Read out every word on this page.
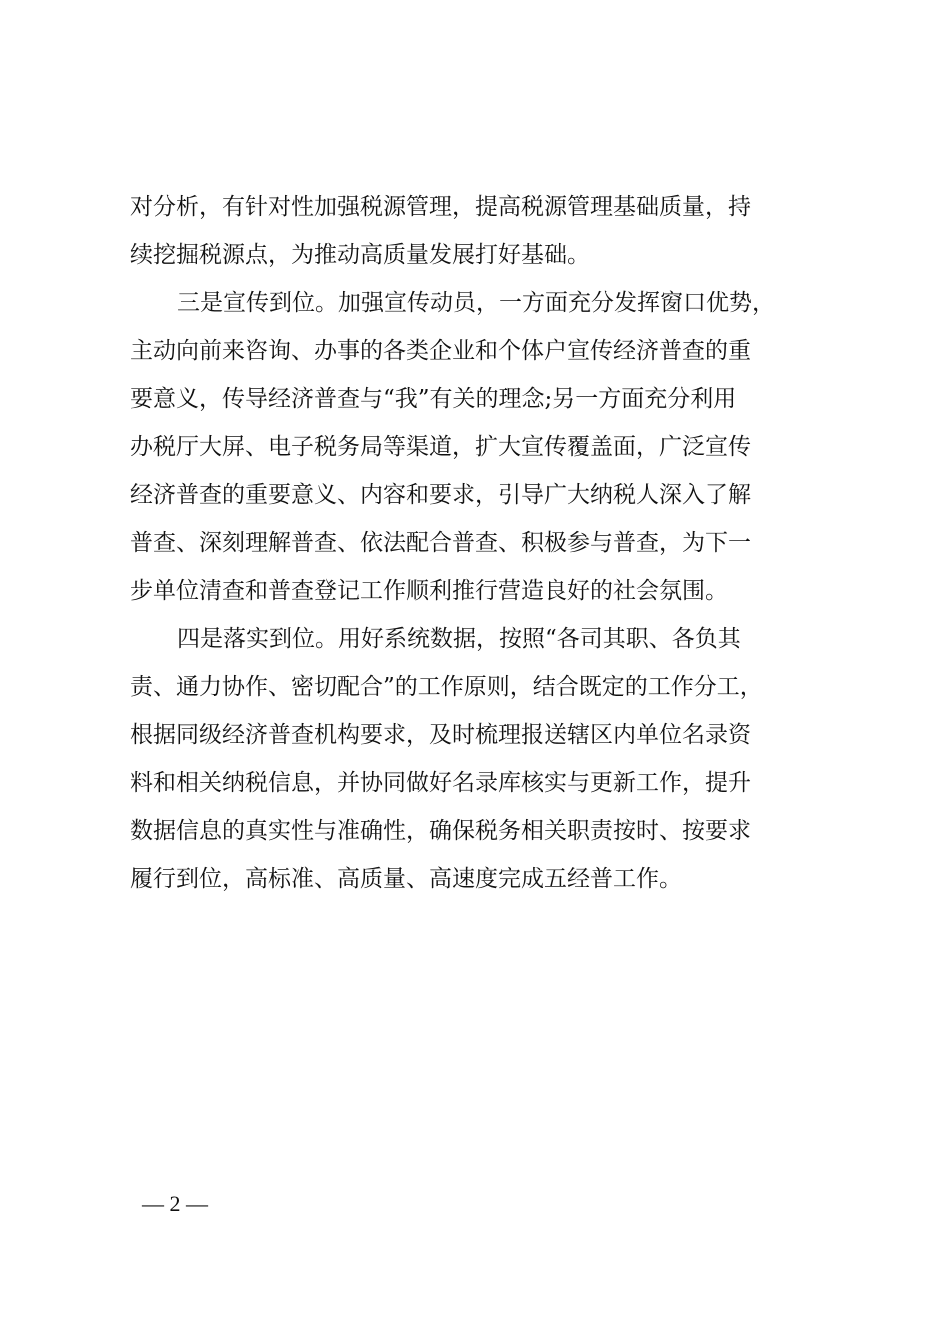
对分析，有针对性加强税源管理，提高税源管理基础质量，持
续挖掘税源点，为推动高质量发展打好基础。
三是宣传到位。加强宣传动员，一方面充分发挥窗口优势，
主动向前来咨询、办事的各类企业和个体户宣传经济普查的重
要意义，传导经济普查与“我”有关的理念;另一方面充分利用
办税厅大屏、电子税务局等渠道，扩大宣传覆盖面，广泛宣传
经济普查的重要意义、内容和要求，引导广大纳税人深入了解
普查、深刻理解普查、依法配合普查、积极参与普查，为下一
步单位清查和普查登记工作顺利推行营造良好的社会氛围。
四是落实到位。用好系统数据，按照“各司其职、各负其
责、通力协作、密切配合”的工作原则，结合既定的工作分工，
根据同级经济普查机构要求，及时梳理报送辖区内单位名录资
料和相关纳税信息，并协同做好名录库核实与更新工作，提升
数据信息的真实性与准确性，确保税务相关职责按时、按要求
履行到位，高标准、高质量、高速度完成五经普工作。
— 2 —
